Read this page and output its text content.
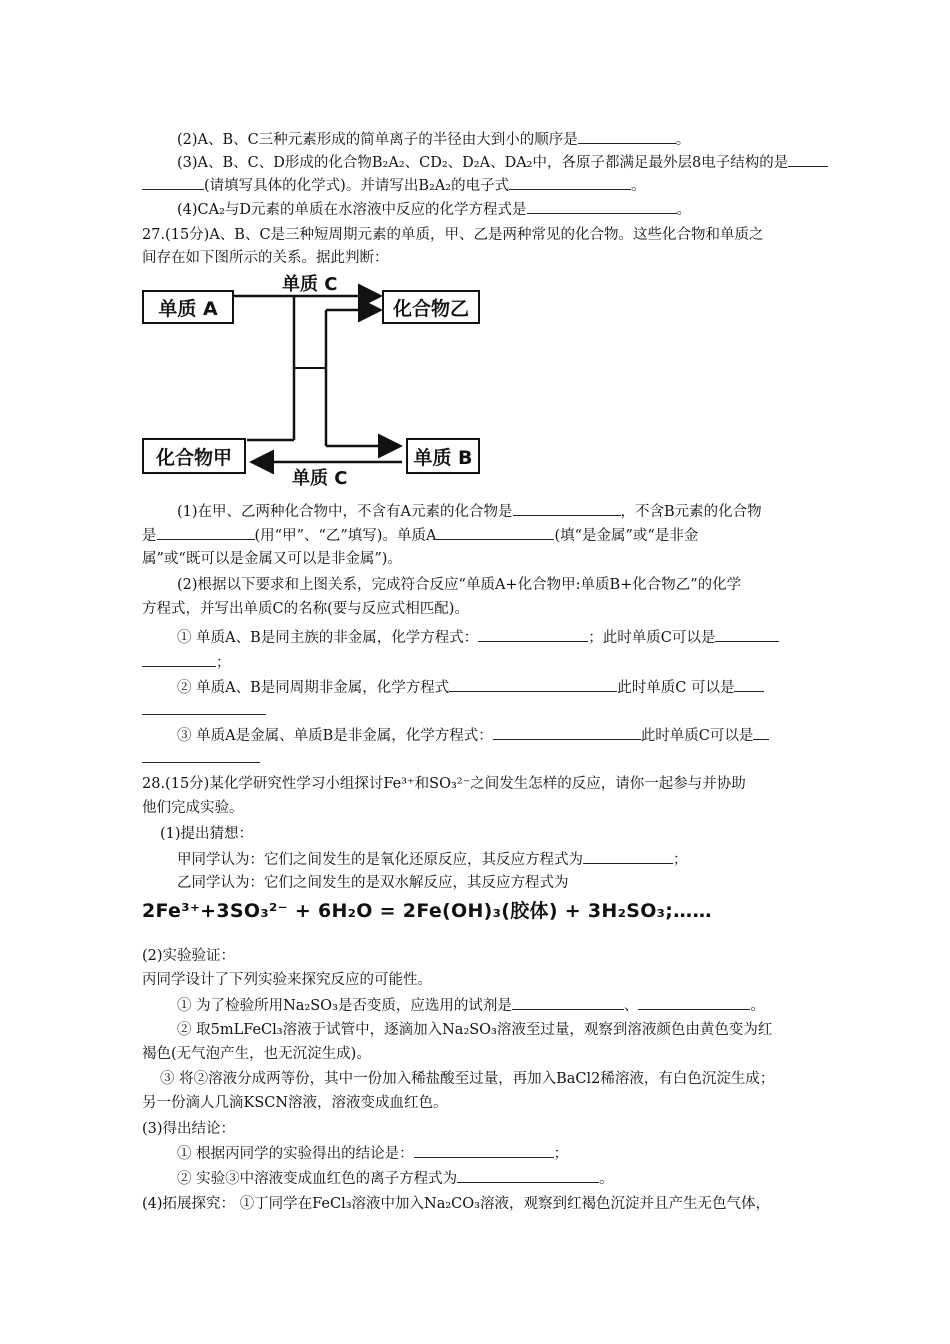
(2)A、B、C三种元素形成的简单离子的半径由大到小的顺序是	。
(3)A、B、C、D形成的化合物B₂A₂、CD₂、D₂A、DA₂中，各原子都满足最外层8电子结构的是
(请填写具体的化学式)。并请写出B₂A₂的电子式	。
(4)CA₂与D元素的单质在水溶液中反应的化学方程式是	。
27.(15分)A、B、C是三种短周期元素的单质，甲、乙是两种常见的化合物。这些化合物和单质之
间存在如下图所示的关系。据此判断：
单质 A	化合物乙
化合物甲	单质 B
单质 C
单质 C
(1)在甲、乙两种化合物中，不含有A元素的化合物是	，不含B元素的化合物
是	(用“甲”、“乙”填写)。单质A	(填“是金属”或“是非金
属”或“既可以是金属又可以是非金属”)。
(2)根据以下要求和上图关系，完成符合反应“单质A+化合物甲:单质B+化合物乙”的化学
方程式，并写出单质C的名称(要与反应式相匹配)。
① 单质A、B是同主族的非金属，化学方程式：	；此时单质C可以是
；
② 单质A、B是同周期非金属，化学方程式	此时单质C 可以是
③ 单质A是金属、单质B是非金属，化学方程式：	此时单质C可以是
28.(15分)某化学研究性学习小组探讨Fe³⁺和SO₃²⁻之间发生怎样的反应，请你一起参与并协助
他们完成实验。
(1)提出猜想：
甲同学认为：它们之间发生的是氧化还原反应，其反应方程式为	；
乙同学认为：它们之间发生的是双水解反应，其反应方程式为
2Fe³⁺+3SO₃²⁻ + 6H₂O = 2Fe(OH)₃(胶体) + 3H₂SO₃;……
(2)实验验证：
丙同学设计了下列实验来探究反应的可能性。
① 为了检验所用Na₂SO₃是否变质，应选用的试剂是	、	。
② 取5mLFeCl₃溶液于试管中，逐滴加入Na₂SO₃溶液至过量，观察到溶液颜色由黄色变为红
褐色(无气泡产生，也无沉淀生成)。
③ 将②溶液分成两等份，其中一份加入稀盐酸至过量，再加入BaCl2稀溶液，有白色沉淀生成；
另一份滴人几滴KSCN溶液，溶液变成血红色。
(3)得出结论：
① 根据丙同学的实验得出的结论是：	；
② 实验③中溶液变成血红色的离子方程式为	。
(4)拓展探究： ①丁同学在FeCl₃溶液中加入Na₂CO₃溶液，观察到红褐色沉淀并且产生无色气体，
